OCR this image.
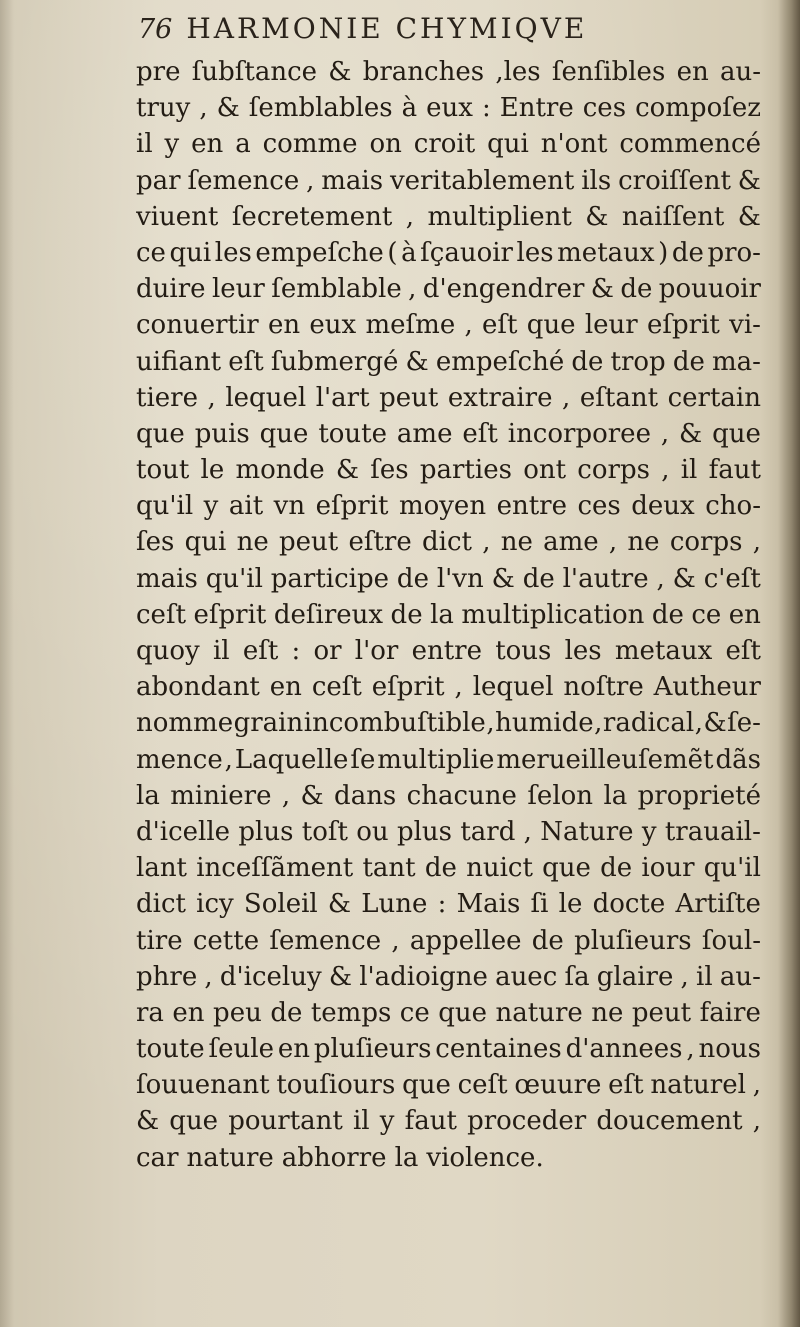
76 HARMONIE CHYMIQVE
pre ſubſtance & branches ,les ſenſibles en au-
truy , & ſemblables à eux : Entre ces compoſez
il y en a comme on croit qui n'ont commencé
par ſemence , mais veritablement ils croiſſent &
viuent ſecretement , multiplient & naiſſent &
ce qui les empeſche ( à ſçauoir les metaux ) de pro-
duire leur ſemblable , d'engendrer & de pouuoir
conuertir en eux meſme , eſt que leur eſprit vi-
uifiant eſt ſubmergé & empeſché de trop de ma-
tiere , lequel l'art peut extraire , eſtant certain
que puis que toute ame eſt incorporee , & que
tout le monde & ſes parties ont corps , il faut
qu'il y ait vn eſprit moyen entre ces deux cho-
ſes qui ne peut eſtre dict , ne ame , ne corps ,
mais qu'il participe de l'vn & de l'autre , & c'eſt
ceſt eſprit deſireux de la multiplication de ce en
quoy il eſt : or l'or entre tous les metaux eſt
abondant en ceſt eſprit , lequel noſtre Autheur
nomme grain incombuſtible , humide , radical , & ſe-
mence , Laquelle ſe multiplie merueilleuſemẽt dãs
la miniere , & dans chacune ſelon la proprieté
d'icelle plus toſt ou plus tard , Nature y trauail-
lant inceſſãment tant de nuict que de iour qu'il
dict icy Soleil & Lune : Mais ſi le docte Artiſte
tire cette ſemence , appellee de pluſieurs ſoul-
phre , d'iceluy & l'adioigne auec ſa glaire , il au-
ra en peu de temps ce que nature ne peut faire
toute ſeule en pluſieurs centaines d'annees , nous
ſouuenant touſiours que ceſt œuure eſt naturel ,
& que pourtant il y faut proceder doucement ,
car nature abhorre la violence.
